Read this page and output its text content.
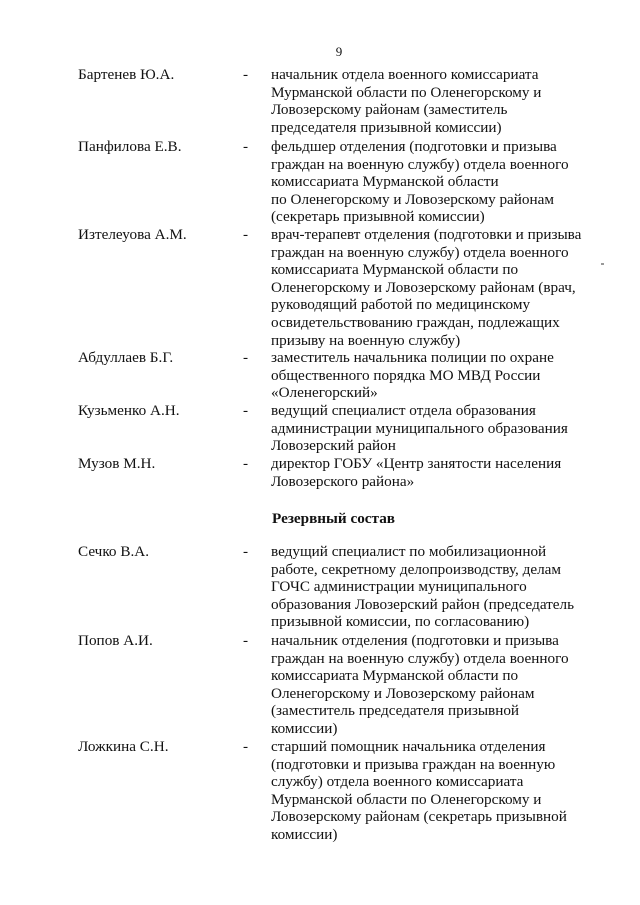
9
Бартенев Ю.А.	- начальник отдела военного комиссариата
Мурманской области по Оленегорскому и
Ловозерскому районам (заместитель
председателя призывной комиссии)
Панфилова Е.В.	- фельдшер отделения (подготовки и призыва
граждан на военную службу) отдела военного
комиссариата Мурманской области
по Оленегорскому и Ловозерскому районам
(секретарь призывной комиссии)
Изтелеуова А.М.	- врач-терапевт отделения (подготовки и призыва
граждан на военную службу) отдела военного
комиссариата Мурманской области по
Оленегорскому и Ловозерскому районам (врач,
руководящий работой по медицинскому
освидетельствованию граждан, подлежащих
призыву на военную службу)
Абдуллаев Б.Г.	- заместитель начальника полиции по охране
общественного порядка МО МВД России
«Оленегорский»
Кузьменко А.Н.	- ведущий специалист отдела образования
администрации муниципального образования
Ловозерский район
Музов М.Н.	- директор ГОБУ «Центр занятости населения
Ловозерского района»
Резервный состав
Сечко В.А.	- ведущий специалист по мобилизационной
работе, секретному делопроизводству, делам
ГОЧС администрации муниципального
образования Ловозерский район (председатель
призывной комиссии, по согласованию)
Попов А.И.	- начальник отделения (подготовки и призыва
граждан на военную службу) отдела военного
комиссариата Мурманской области по
Оленегорскому и Ловозерскому районам
(заместитель председателя призывной
комиссии)
Ложкина С.Н.	- старший помощник начальника отделения
(подготовки и призыва граждан на военную
службу) отдела военного комиссариата
Мурманской области по Оленегорскому и
Ловозерскому районам (секретарь призывной
комиссии)
